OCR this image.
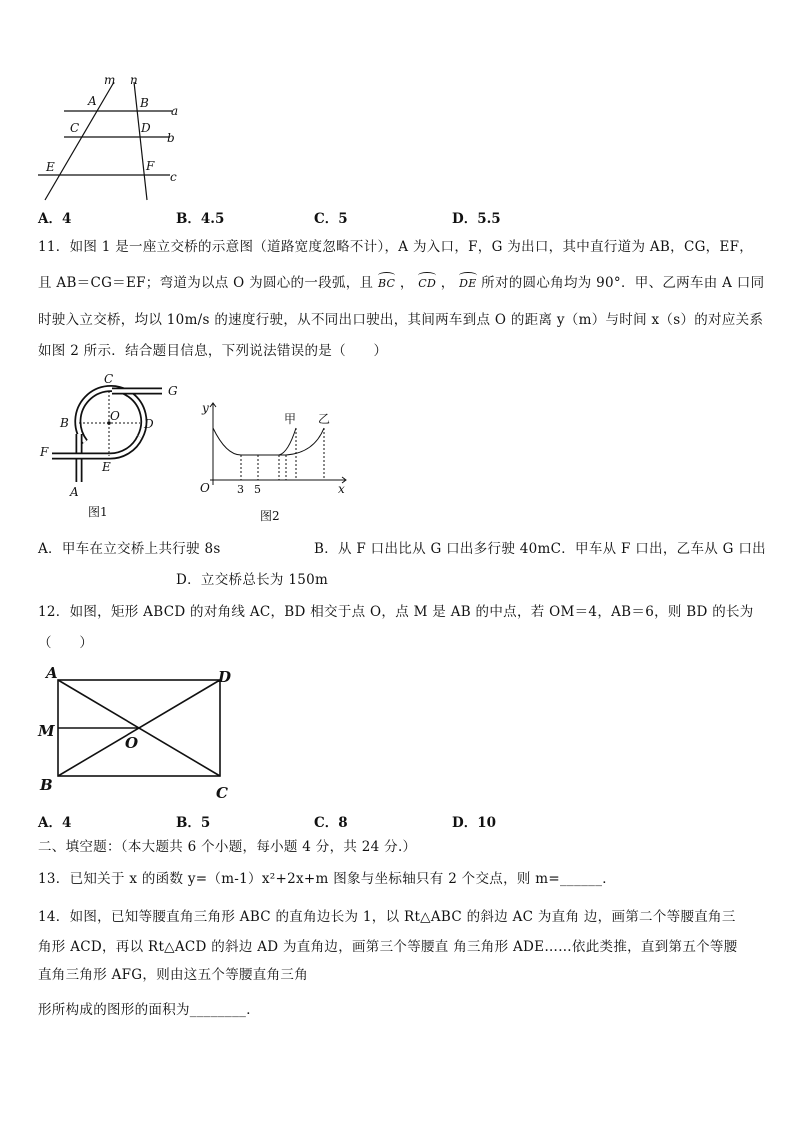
m n
A	B
a
C	D
b
E	F
c
A．4	B．4.5	C．5	D．5.5
11．如图 1 是一座立交桥的示意图（道路宽度忽略不计），A 为入口，F，G 为出口，其中直行道为 AB，CG，EF，
且 AB＝CG＝EF；弯道为以点 O 为圆心的一段弧，且 BC ， CD ， DE 所对的圆心角均为 90°．甲、乙两车由 A 口同
时驶入立交桥，均以 10m/s 的速度行驶，从不同出口驶出，其间两车到点 O 的距离 y（m）与时间 x（s）的对应关系
如图 2 所示．结合题目信息，下列说法错误的是（　　）
C
G
B	O
D
F
E
A
图1
y
甲 乙
O 3 5	x
图2
A．甲车在立交桥上共行驶 8s	B．从 F 口出比从 G 口出多行驶 40mC．甲车从 F 口出，乙车从 G 口出
D．立交桥总长为 150m
12．如图，矩形 ABCD 的对角线 AC，BD 相交于点 O，点 M 是 AB 的中点，若 OM＝4，AB＝6，则 BD 的长为
（　　）
A	D
M
O
B	C
A．4	B．5	C．8	D．10
二、填空题：（本大题共 6 个小题，每小题 4 分，共 24 分.）
13．已知关于 x 的函数 y=（m-1）x²+2x+m 图象与坐标轴只有 2 个交点，则 m=______．
14．如图，已知等腰直角三角形 ABC 的直角边长为 1，以 Rt△ABC 的斜边 AC 为直角 边，画第二个等腰直角三
角形 ACD，再以 Rt△ACD 的斜边 AD 为直角边，画第三个等腰直 角三角形 ADE……依此类推，直到第五个等腰
直角三角形 AFG，则由这五个等腰直角三角
形所构成的图形的面积为________．
